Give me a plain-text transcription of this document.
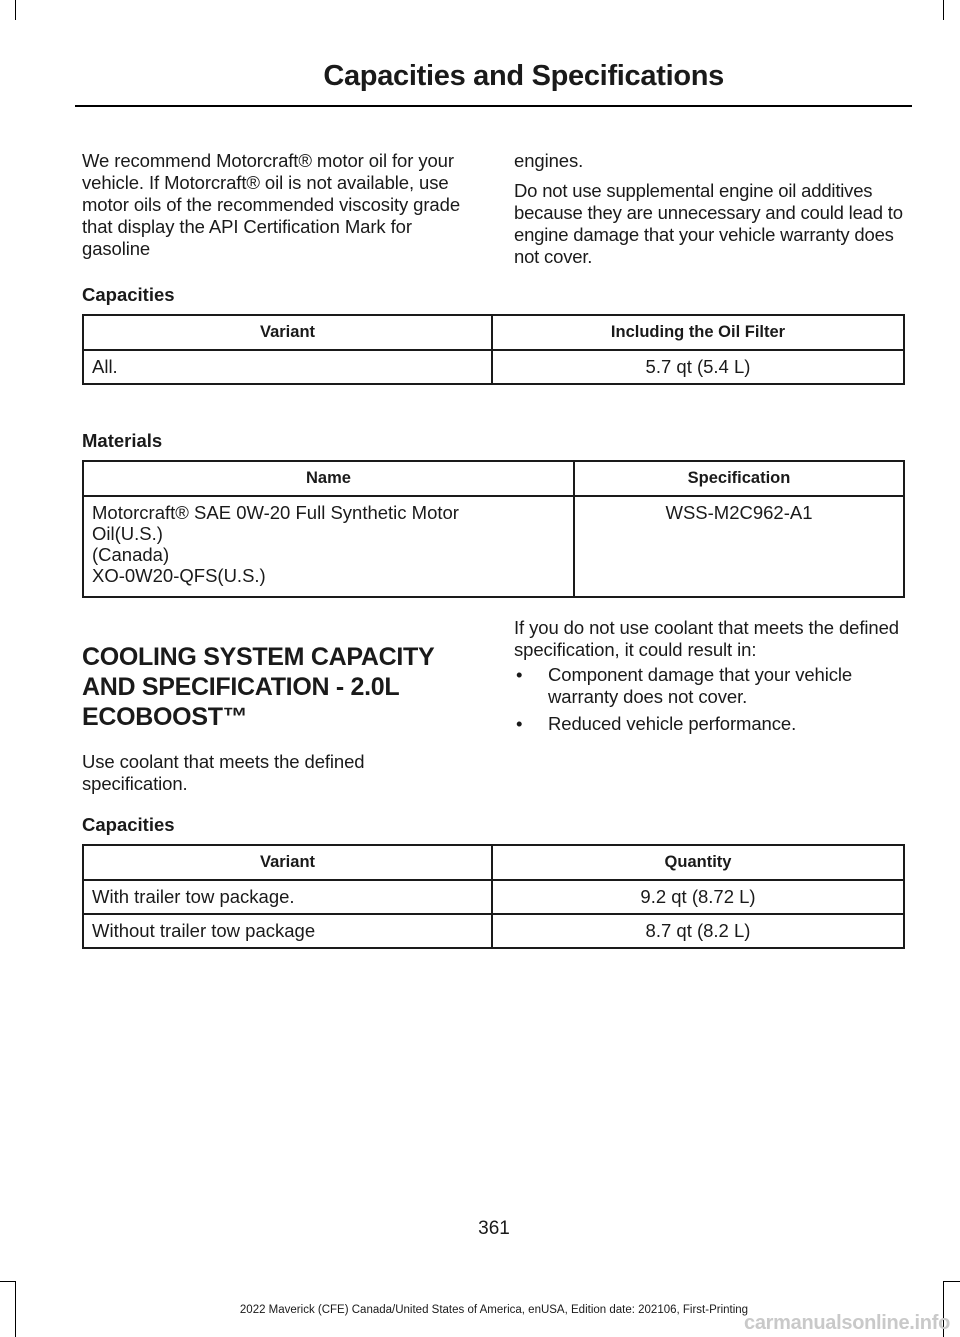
Capacities and Specifications

We recommend Motorcraft® motor oil for your vehicle. If Motorcraft® oil is not available, use motor oils of the recommended viscosity grade that display the API Certification Mark for gasoline

engines.

Do not use supplemental engine oil additives because they are unnecessary and could lead to engine damage that your vehicle warranty does not cover.

Capacities
Variant	Including the Oil Filter
All.	5.7 qt (5.4 L)
Materials
Name	Specification

Motorcraft® SAE 0W-20 Full Synthetic Motor
Oil(U.S.)
(Canada)
XO-0W20-QFS(U.S.)	WSS-M2C962-A1
COOLING SYSTEM CAPACITY
AND SPECIFICATION - 2.0L
ECOBOOST™

Use coolant that meets the defined specification.

If you do not use coolant that meets the defined specification, it could result in:

• Component damage that your vehicle warranty does not cover.
• Reduced vehicle performance.
Capacities
Variant	Quantity
With trailer tow package.	9.2 qt (8.72 L)
Without trailer tow package	8.7 qt (8.2 L)
361
2022 Maverick (CFE) Canada/United States of America, enUSA, Edition date: 202106, First-Printing
carmanualsonline.info
